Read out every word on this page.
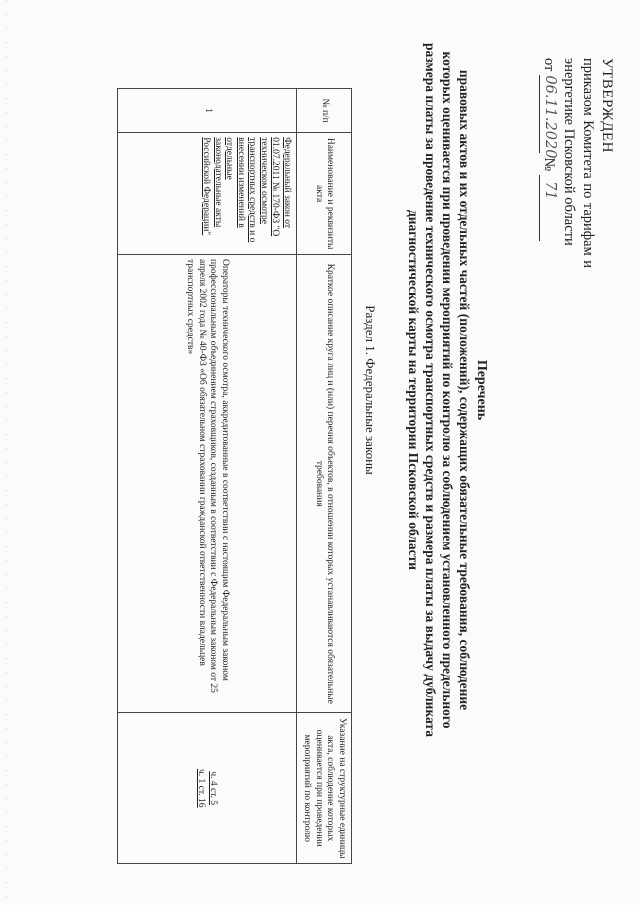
УТВЕРЖДЕН
приказом Комитета по тарифам и
энергетике Псковской области
от
06.11.2020
№
71
Перечень
правовых актов и их отдельных частей (положений), содержащих обязательные требования, соблюдение
которых оценивается при проведении мероприятий по контролю за соблюдением установленного предельного
размера платы за проведение технического осмотра транспортных средств и размера платы за выдачу дубликата
диагностической карты на территории Псковской области
Раздел 1. Федеральные законы
№ п/п	Наименование и реквизиты акта	Краткое описание круга лиц и (или) перечня объектов, в отношении которых устанавливаются обязательные требования	Указание на структурные единицы акта, соблюдение которых оценивается при проведении мероприятий по контролю
1	Федеральный закон от 01.07.2011 № 170-ФЗ "О техническом осмотре транспортных средств и о внесении изменений в отдельные законодательные акты Российской Федерации"	Операторы технического осмотра, аккредитованные в соответствии с настоящим Федеральным законом профессиональным объединением страховщиков, созданным в соответствии с Федеральным законом от 25 апреля 2002 года № 40-ФЗ «Об обязательном страховании гражданской ответственности владельцев транспортных средств»	ч. 4 ст. 5
ч. 1 ст. 16
